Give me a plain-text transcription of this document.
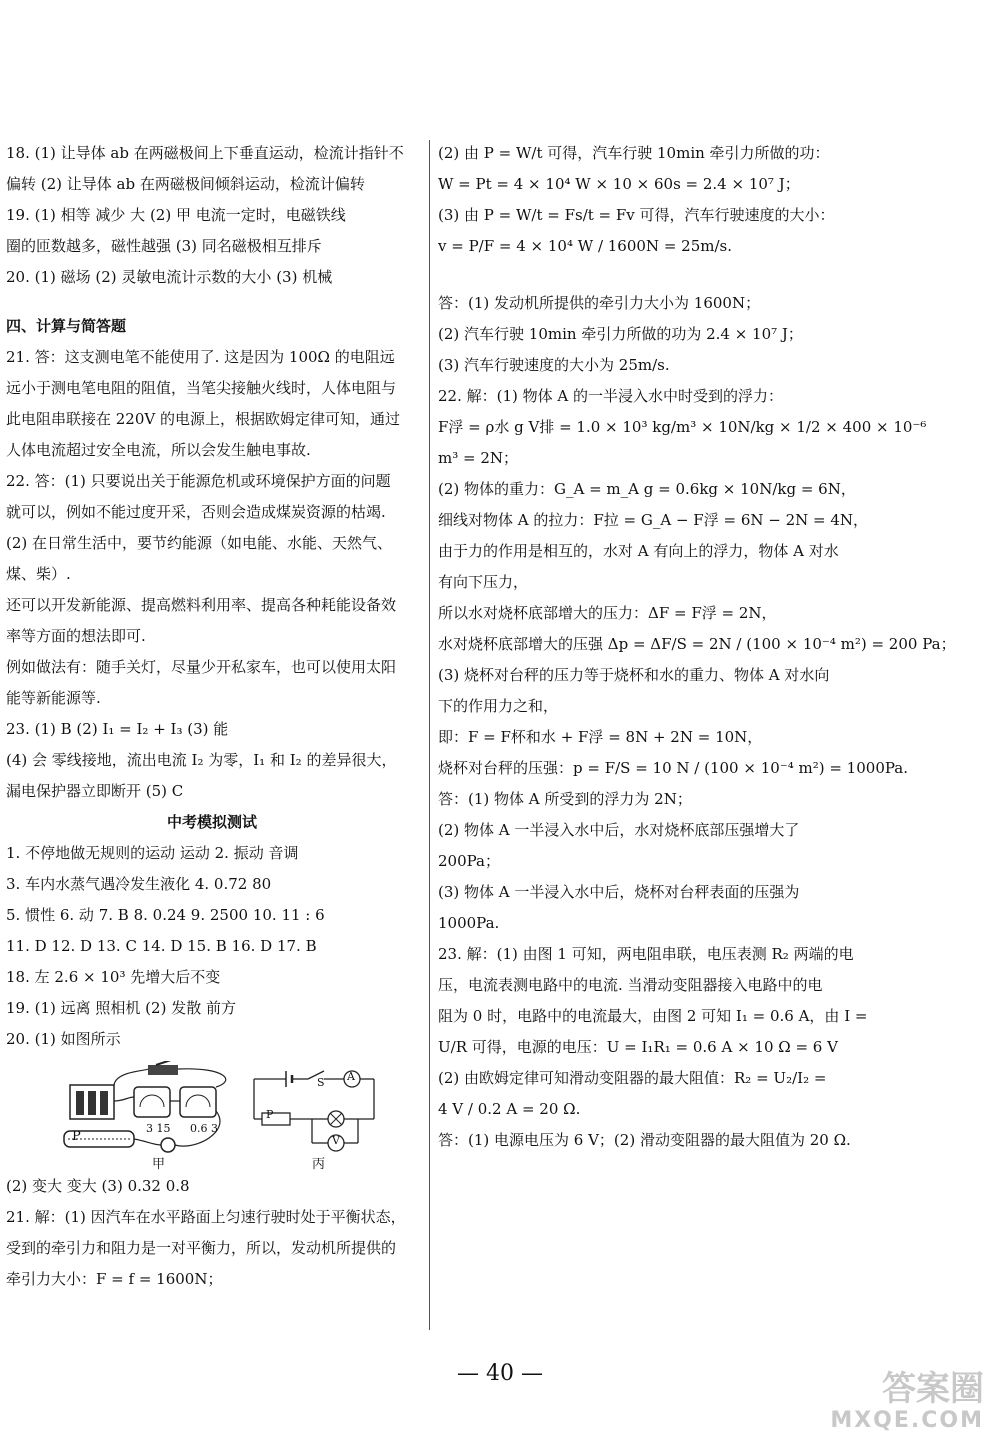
18. (1) 让导体 ab 在两磁极间上下垂直运动，检流计指针不
偏转 (2) 让导体 ab 在两磁极间倾斜运动，检流计偏转
19. (1) 相等 减少 大 (2) 甲 电流一定时，电磁铁线
圈的匝数越多，磁性越强 (3) 同名磁极相互排斥
20. (1) 磁场 (2) 灵敏电流计示数的大小 (3) 机械
四、计算与简答题
21. 答：这支测电笔不能使用了. 这是因为 100Ω 的电阻远
远小于测电笔电阻的阻值，当笔尖接触火线时，人体电阻与
此电阻串联接在 220V 的电源上，根据欧姆定律可知，通过
人体电流超过安全电流，所以会发生触电事故.
22. 答：(1) 只要说出关于能源危机或环境保护方面的问题
就可以，例如不能过度开采，否则会造成煤炭资源的枯竭.
(2) 在日常生活中，要节约能源（如电能、水能、天然气、
煤、柴）.
还可以开发新能源、提高燃料利用率、提高各种耗能设备效
率等方面的想法即可.
例如做法有：随手关灯，尽量少开私家车，也可以使用太阳
能等新能源等.
23. (1) B (2) I₁ = I₂ + I₃ (3) 能
(4) 会 零线接地，流出电流 I₂ 为零，I₁ 和 I₂ 的差异很大，
漏电保护器立即断开 (5) C
中考模拟测试
1. 不停地做无规则的运动 运动 2. 振动 音调
3. 车内水蒸气遇冷发生液化 4. 0.72 80
5. 惯性 6. 动 7. B 8. 0.24 9. 2500 10. 11 : 6
11. D 12. D 13. C 14. D 15. B 16. D 17. B
18. 左 2.6 × 10³ 先增大后不变
19. (1) 远离 照相机 (2) 发散 前方
20. (1) 如图所示
P
3 15 0.6 3
甲
S A
V
P
丙
(2) 变大 变大 (3) 0.32 0.8
21. 解：(1) 因汽车在水平路面上匀速行驶时处于平衡状态，
受到的牵引力和阻力是一对平衡力，所以，发动机所提供的
牵引力大小：F = f = 1600N；
(2) 由 P = W/t 可得，汽车行驶 10min 牵引力所做的功：
W = Pt = 4 × 10⁴ W × 10 × 60s = 2.4 × 10⁷ J；
(3) 由 P = W/t = Fs/t = Fv 可得，汽车行驶速度的大小：
v = P/F = 4 × 10⁴ W / 1600N = 25m/s.
答：(1) 发动机所提供的牵引力大小为 1600N；
(2) 汽车行驶 10min 牵引力所做的功为 2.4 × 10⁷ J；
(3) 汽车行驶速度的大小为 25m/s.
22. 解：(1) 物体 A 的一半浸入水中时受到的浮力：
F浮 = ρ水 g V排 = 1.0 × 10³ kg/m³ × 10N/kg × 1/2 × 400 × 10⁻⁶
m³ = 2N；
(2) 物体的重力：G_A = m_A g = 0.6kg × 10N/kg = 6N，
细线对物体 A 的拉力：F拉 = G_A − F浮 = 6N − 2N = 4N，
由于力的作用是相互的，水对 A 有向上的浮力，物体 A 对水
有向下压力，
所以水对烧杯底部增大的压力：ΔF = F浮 = 2N，
水对烧杯底部增大的压强 Δp = ΔF/S = 2N / (100 × 10⁻⁴ m²) = 200 Pa；
(3) 烧杯对台秤的压力等于烧杯和水的重力、物体 A 对水向
下的作用力之和，
即：F = F杯和水 + F浮 = 8N + 2N = 10N，
烧杯对台秤的压强：p = F/S = 10 N / (100 × 10⁻⁴ m²) = 1000Pa.
答：(1) 物体 A 所受到的浮力为 2N；
(2) 物体 A 一半浸入水中后，水对烧杯底部压强增大了
200Pa；
(3) 物体 A 一半浸入水中后，烧杯对台秤表面的压强为
1000Pa.
23. 解：(1) 由图 1 可知，两电阻串联，电压表测 R₂ 两端的电
压，电流表测电路中的电流. 当滑动变阻器接入电路中的电
阻为 0 时，电路中的电流最大，由图 2 可知 I₁ = 0.6 A，由 I =
U/R 可得，电源的电压：U = I₁R₁ = 0.6 A × 10 Ω = 6 V
(2) 由欧姆定律可知滑动变阻器的最大阻值：R₂ = U₂/I₂ =
4 V / 0.2 A = 20 Ω.
答：(1) 电源电压为 6 V；(2) 滑动变阻器的最大阻值为 20 Ω.
— 40 —	答案圈
MXQE.COM
